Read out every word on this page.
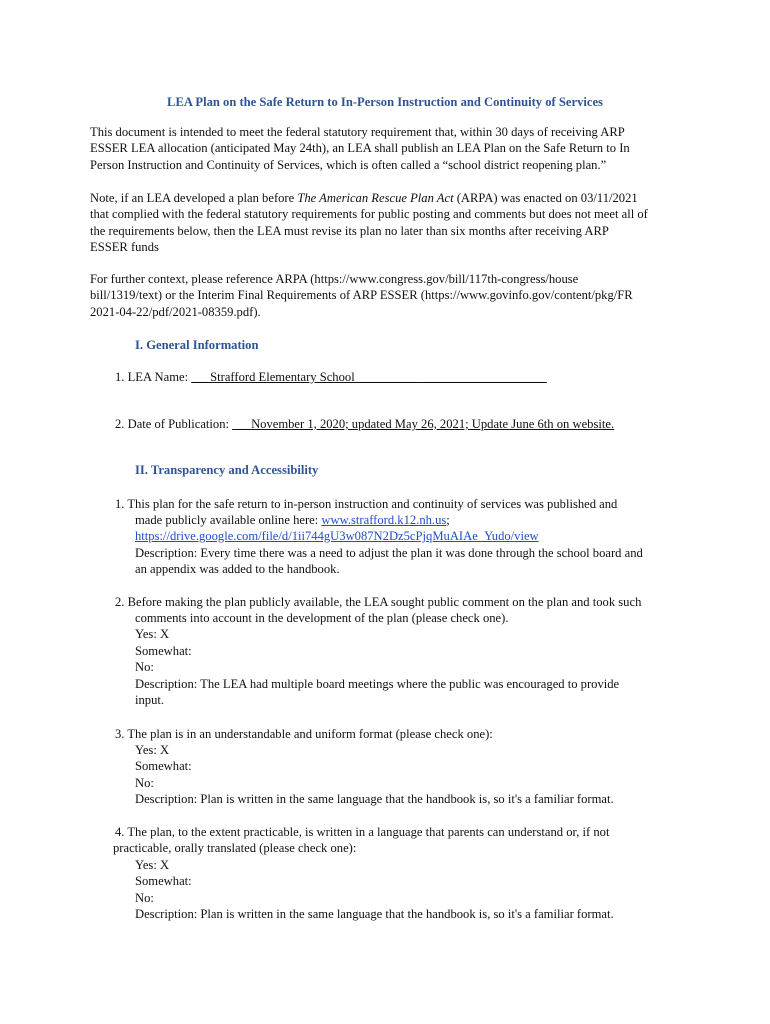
LEA Plan on the Safe Return to In-Person Instruction and Continuity of Services
This document is intended to meet the federal statutory requirement that, within 30 days of receiving ARP
ESSER LEA allocation (anticipated May 24th), an LEA shall publish an LEA Plan on the Safe Return to In
Person Instruction and Continuity of Services, which is often called a “school district reopening plan.”
Note, if an LEA developed a plan before The American Rescue Plan Act (ARPA) was enacted on 03/11/2021
that complied with the federal statutory requirements for public posting and comments but does not meet all of
the requirements below, then the LEA must revise its plan no later than six months after receiving ARP
ESSER funds
For further context, please reference ARPA (https://www.congress.gov/bill/117th-congress/house
bill/1319/text) or the Interim Final Requirements of ARP ESSER (https://www.govinfo.gov/content/pkg/FR
2021-04-22/pdf/2021-08359.pdf).
I. General Information
1. LEA Name: ___Strafford Elementary School__________ ____________________
2. Date of Publication: ___November 1, 2020; updated May 26, 2021; Update June 6th on website.
II. Transparency and Accessibility
1. This plan for the safe return to in-person instruction and continuity of services was published and
made publicly available online here: www.strafford.k12.nh.us;
https://drive.google.com/file/d/1ii744gU3w087N2Dz5cPjqMuAIAe_Yudo/view
Description: Every time there was a need to adjust the plan it was done through the school board and
an appendix was added to the handbook.
2. Before making the plan publicly available, the LEA sought public comment on the plan and took such
comments into account in the development of the plan (please check one).
Yes: X
Somewhat:
No:
Description: The LEA had multiple board meetings where the public was encouraged to provide
input.
3. The plan is in an understandable and uniform format (please check one):
Yes: X
Somewhat:
No:
Description: Plan is written in the same language that the handbook is, so it's a familiar format.
4. The plan, to the extent practicable, is written in a language that parents can understand or, if not
practicable, orally translated (please check one):
Yes: X
Somewhat:
No:
Description: Plan is written in the same language that the handbook is, so it's a familiar format.
